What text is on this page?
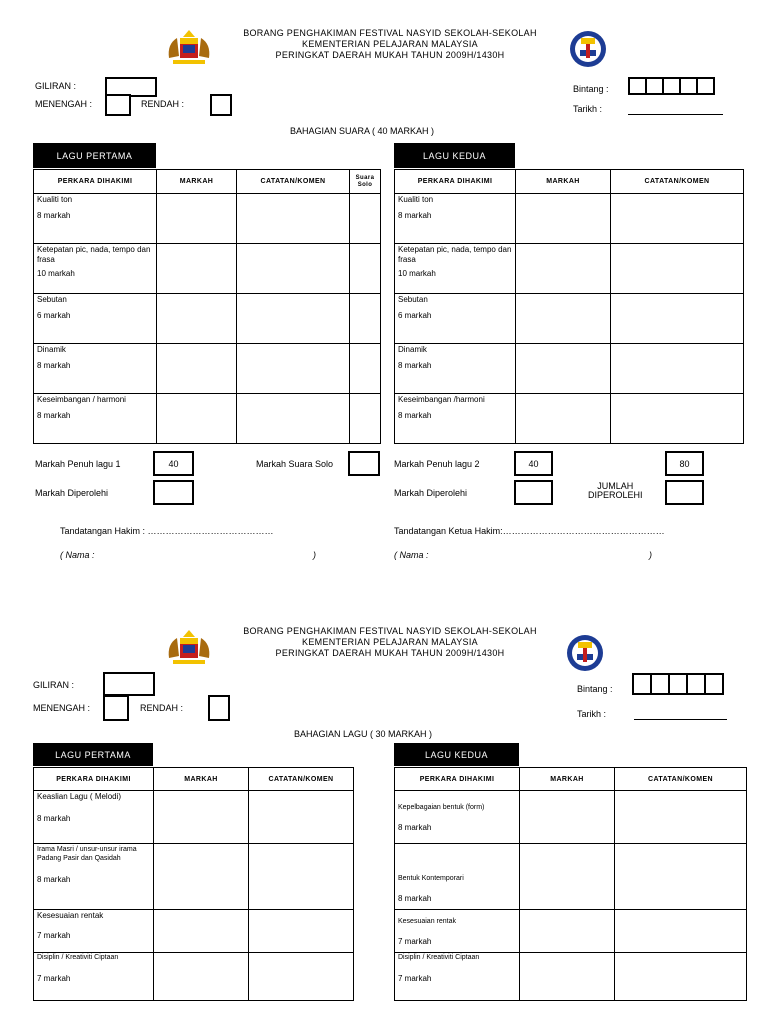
BORANG PENGHAKIMAN FESTIVAL NASYID SEKOLAH-SEKOLAH
KEMENTERIAN PELAJARAN MALAYSIA
PERINGKAT DAERAH MUKAH TAHUN 2009H/1430H
GILIRAN :
MENENGAH :	RENDAH :
Bintang :
Tarikh :
BAHAGIAN SUARA ( 40 MARKAH )
LAGU PERTAMA	LAGU KEDUA
PERKARA DIHAKIMI	MARKAH	CATATAN/KOMEN	Suara Solo

Kualiti ton
8 markah			

Ketepatan pic, nada, tempo dan frasa
10 markah			

Sebutan
6 markah			

Dinamik
8 markah			

Keseimbangan / harmoni
8 markah			

PERKARA DIHAKIMI	MARKAH	CATATAN/KOMEN

Kualiti ton
8 markah		

Ketepatan pic, nada, tempo dan frasa
10 markah		

Sebutan
6 markah		

Dinamik
8 markah		

Keseimbangan /harmoni
8 markah		

Markah Penuh lagu 1	40	Markah Suara Solo
Markah Diperolehi
Markah Penuh lagu 2	40	80
Markah Diperolehi
JUMLAH
DIPEROLEHI
Tandatangan Hakim : ……………………………………	Tandatangan Ketua Hakim:………………………………………………
( Nama :	)	( Nama :	)
BORANG PENGHAKIMAN FESTIVAL NASYID SEKOLAH-SEKOLAH
KEMENTERIAN PELAJARAN MALAYSIA
PERINGKAT DAERAH MUKAH TAHUN 2009H/1430H
GILIRAN :
MENENGAH :	RENDAH :
Bintang :
Tarikh :
BAHAGIAN LAGU ( 30 MARKAH )
LAGU PERTAMA	LAGU KEDUA
PERKARA DIHAKIMI	MARKAH	CATATAN/KOMEN

Keaslian Lagu ( Melodi)
8 markah		

Irama Masri / unsur-unsur irama Padang Pasir dan Qasidah
8 markah		

Kesesuaian rentak
7 markah		

Disiplin / Kreativiti Ciptaan
7 markah		

PERKARA DIHAKIMI	MARKAH	CATATAN/KOMEN

Kepelbagaian bentuk (form)
8 markah		

Bentuk Kontemporari
8 markah		

Kesesuaian rentak
7 markah		

Disiplin / Kreativiti Ciptaan
7 markah		
